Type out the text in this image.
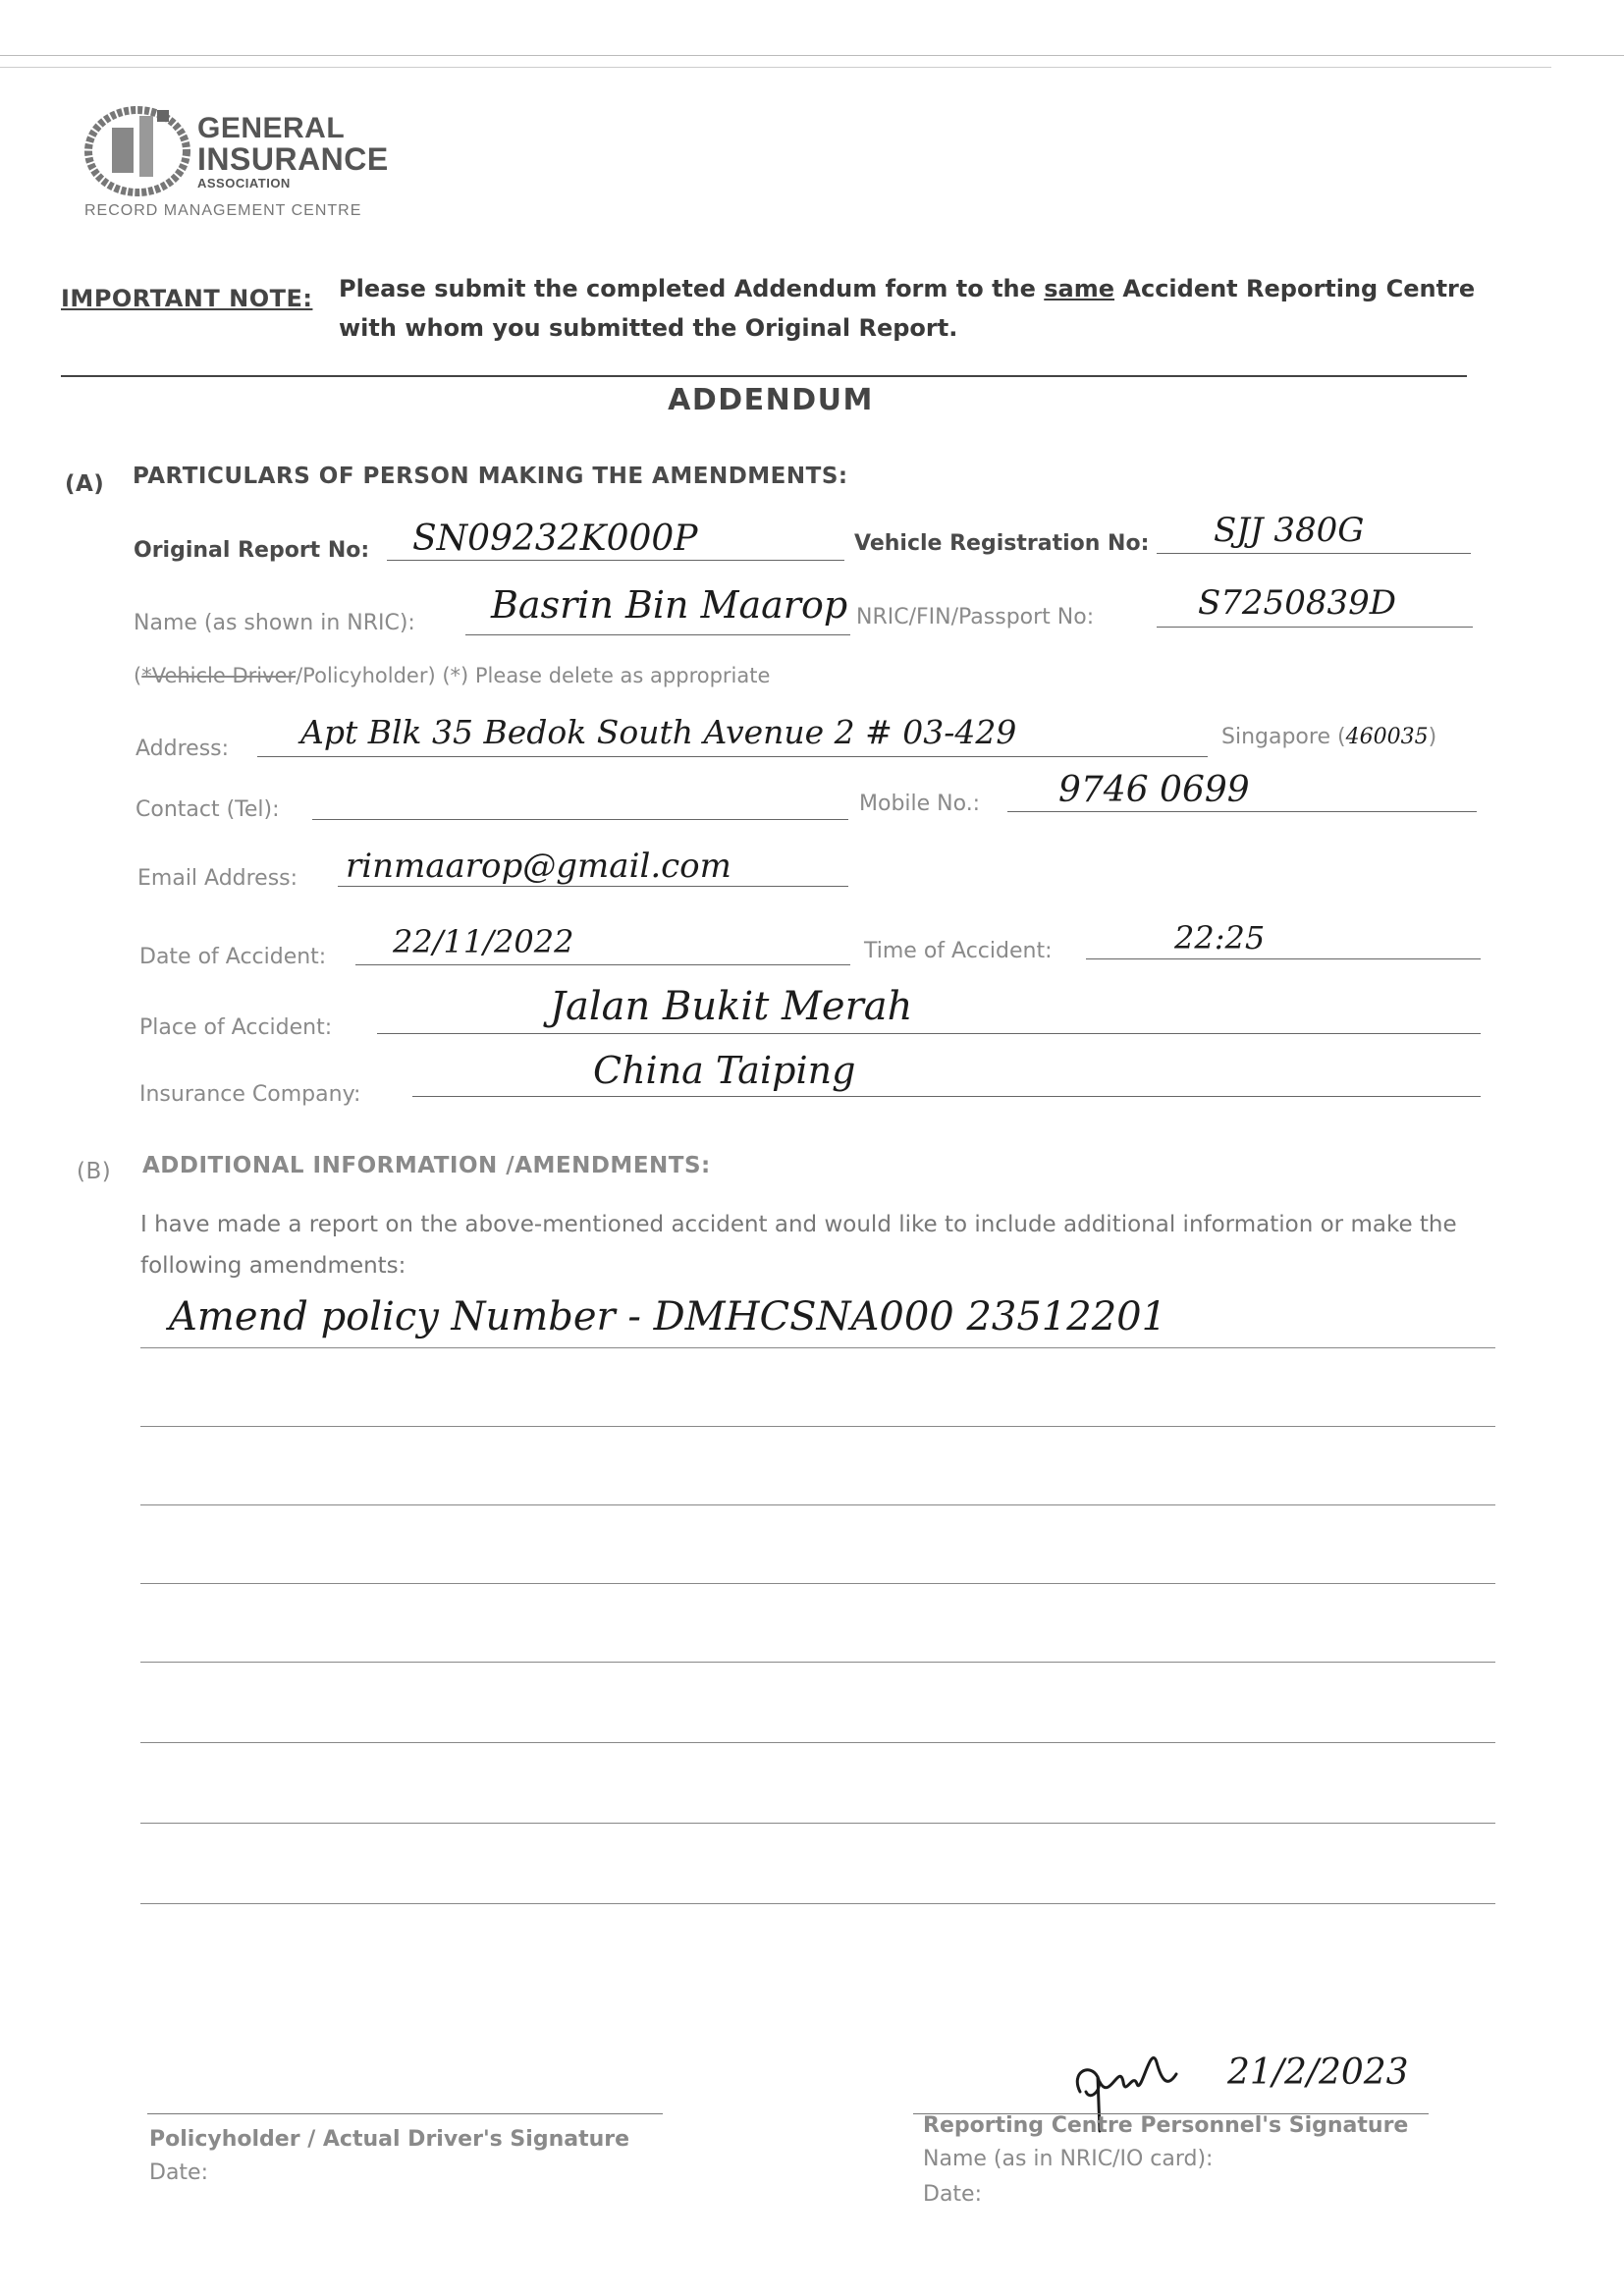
GENERAL
INSURANCE
ASSOCIATION
RECORD MANAGEMENT CENTRE
IMPORTANT NOTE: Please submit the completed Addendum form to the same Accident Reporting Centre with whom you submitted the Original Report.
ADDENDUM
(A) PARTICULARS OF PERSON MAKING THE AMENDMENTS:
Original Report No: SN09232K000P	Vehicle Registration No: SJJ 380G
Name (as shown in NRIC): Basrin Bin Maarop NRIC/FIN/Passport No:	S7250839D
(*Vehicle Driver/Policyholder) (*) Please delete as appropriate
Address: Apt Blk 35 Bedok South Avenue 2 # 03-429	Singapore (460035)
Contact (Tel):	Mobile No.: 9746 0699
Email Address: rinmaarop@gmail.com
Date of Accident: 22/11/2022	Time of Accident:	22:25
Place of Accident:	Jalan Bukit Merah
Insurance Company:
China Taiping
(B) ADDITIONAL INFORMATION /AMENDMENTS:
I have made a report on the above-mentioned accident and would like to include additional information or make the following amendments:
Amend policy Number - DMHCSNA000 23512201
Policyholder / Actual Driver's Signature
Date:
21/2/2023
Reporting Centre Personnel's Signature
Name (as in NRIC/IO card):
Date:
